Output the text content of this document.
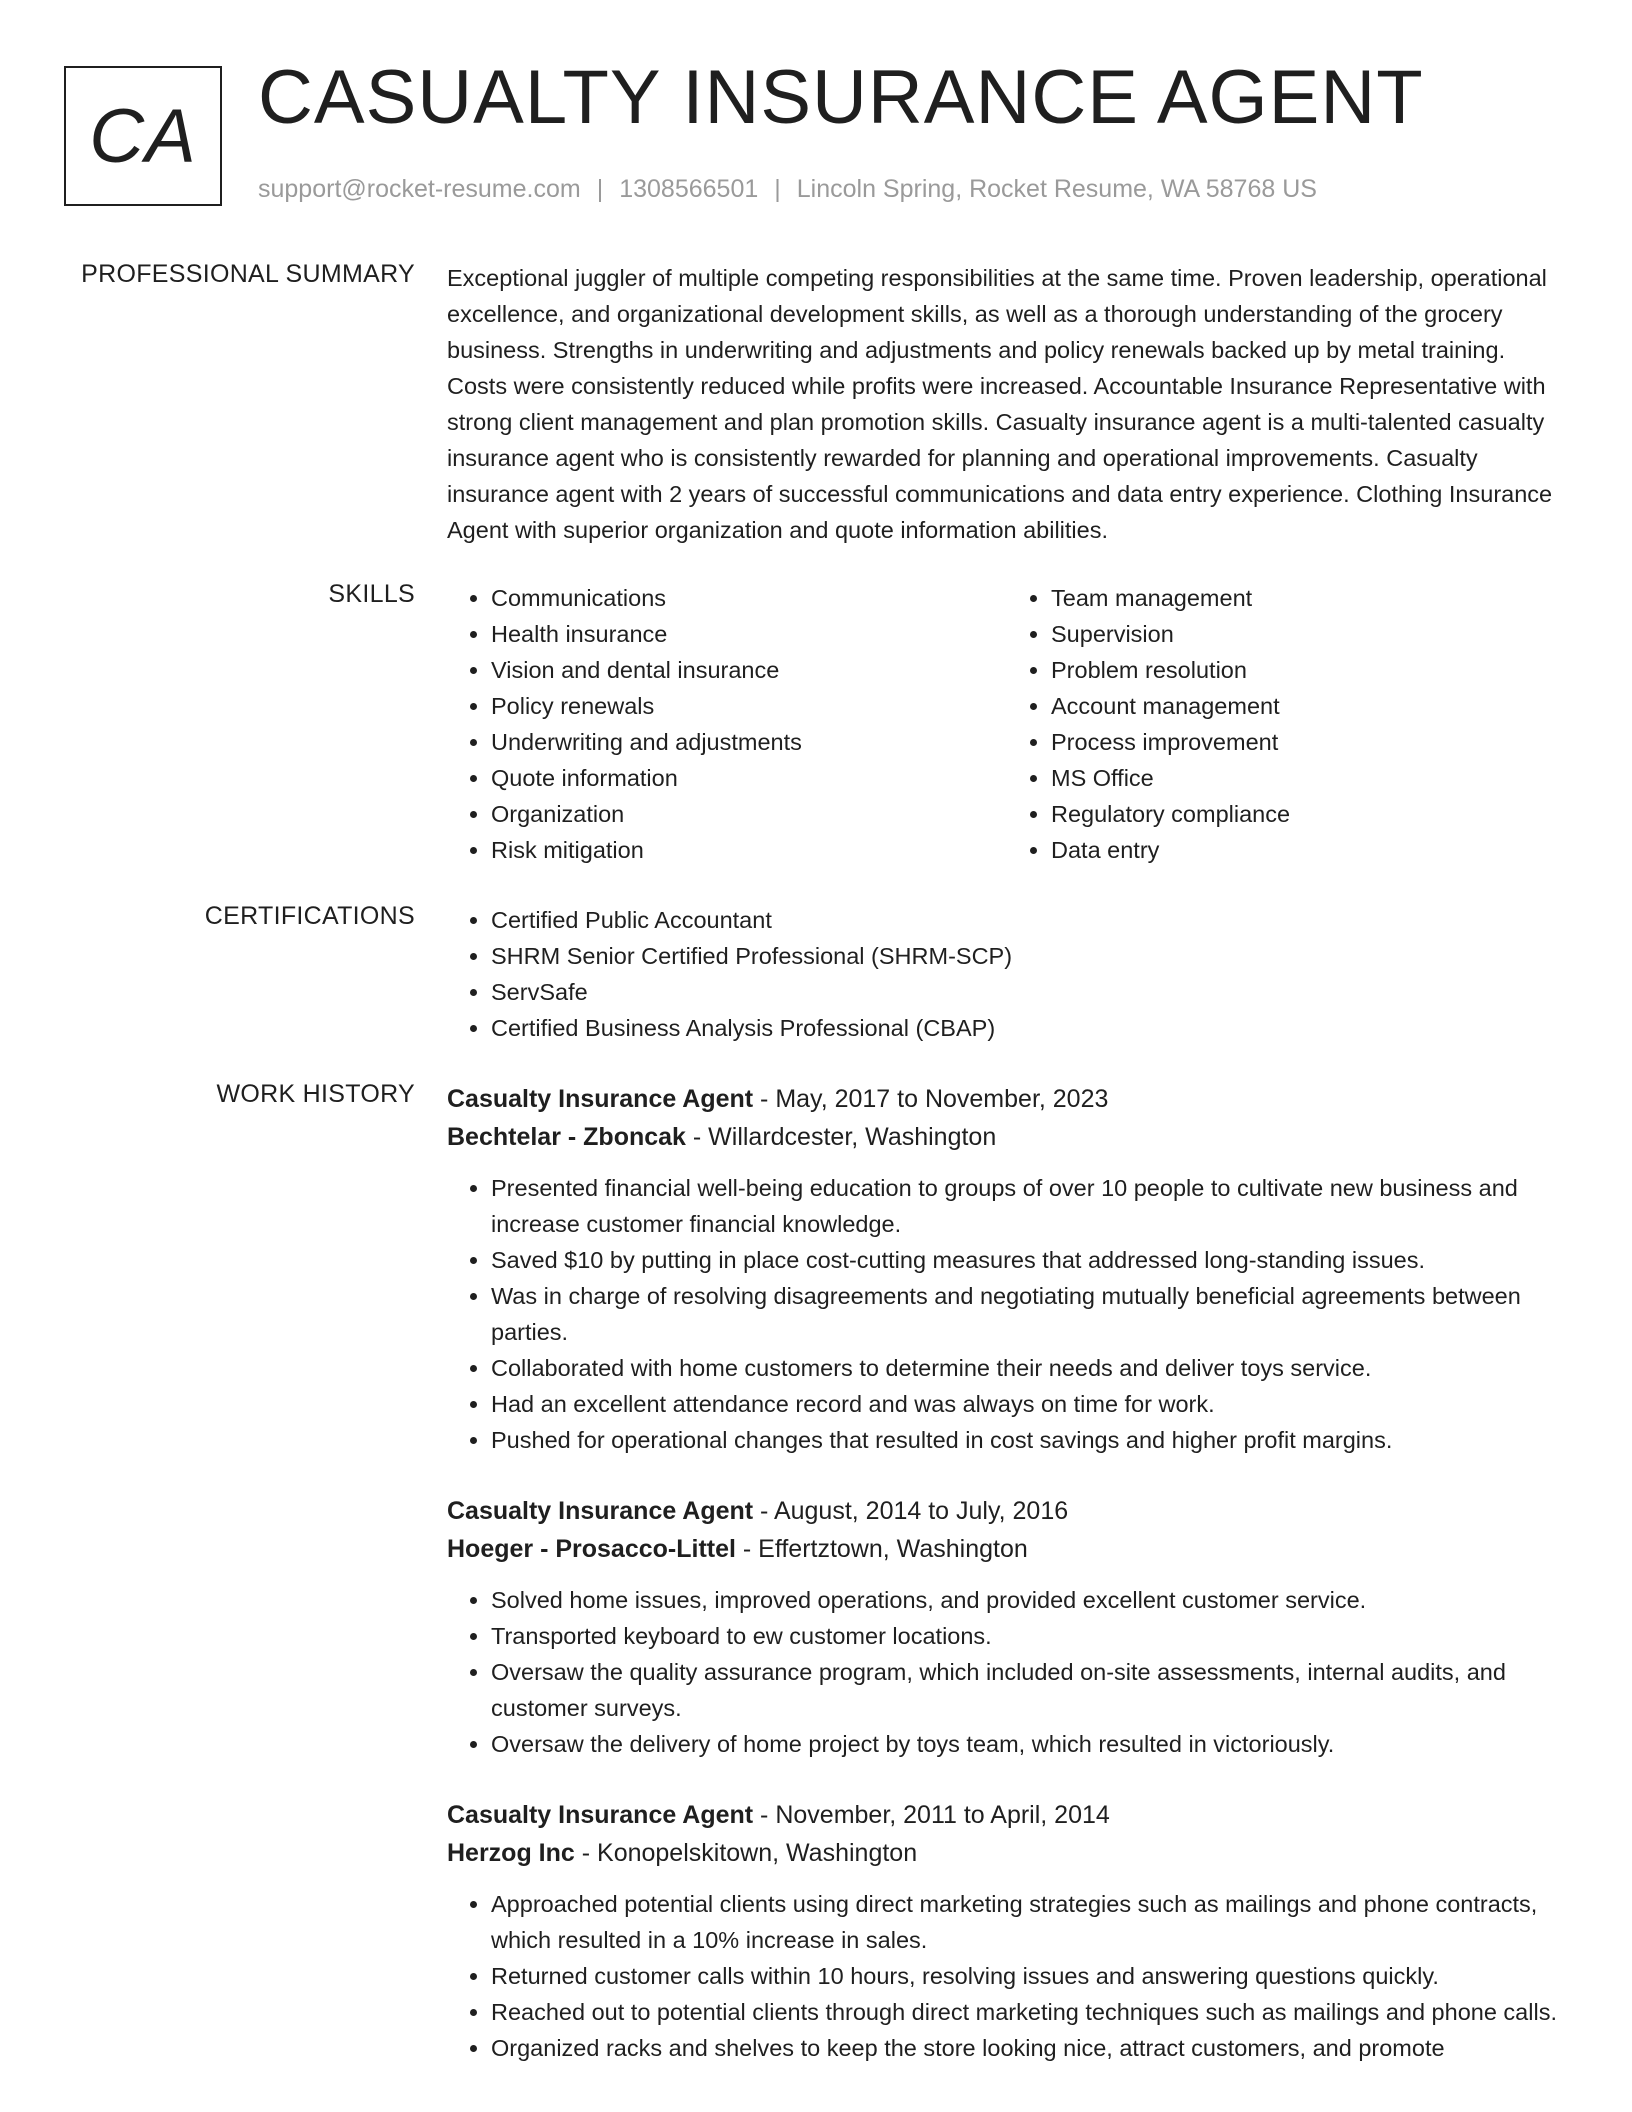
CA CASUALTY INSURANCE AGENT
support@rocket-resume.com | 1308566501 | Lincoln Spring, Rocket Resume, WA 58768 US
PROFESSIONAL SUMMARY Exceptional juggler of multiple competing responsibilities at the same time. Proven leadership, operational excellence, and organizational development skills, as well as a thorough understanding of the grocery business. Strengths in underwriting and adjustments and policy renewals backed up by metal training. Costs were consistently reduced while profits were increased. Accountable Insurance Representative with strong client management and plan promotion skills. Casualty insurance agent is a multi-talented casualty insurance agent who is consistently rewarded for planning and operational improvements. Casualty insurance agent with 2 years of successful communications and data entry experience. Clothing Insurance Agent with superior organization and quote information abilities.

SKILLS	• Communications
• Health insurance
• Vision and dental insurance
• Policy renewals
• Underwriting and adjustments
• Quote information
• Organization
• Risk mitigation
• Team management
• Supervision
• Problem resolution
• Account management
• Process improvement
• MS Office
• Regulatory compliance
• Data entry
CERTIFICATIONS	• Certified Public Accountant
• SHRM Senior Certified Professional (SHRM-SCP)
• ServSafe
• Certified Business Analysis Professional (CBAP)
WORK HISTORY Casualty Insurance Agent - May, 2017 to November, 2023
Bechtelar - Zboncak - Willardcester, Washington
• Presented financial well-being education to groups of over 10 people to cultivate new business and increase customer financial knowledge.
• Saved $10 by putting in place cost-cutting measures that addressed long-standing issues.
• Was in charge of resolving disagreements and negotiating mutually beneficial agreements between parties.
• Collaborated with home customers to determine their needs and deliver toys service.
• Had an excellent attendance record and was always on time for work.
• Pushed for operational changes that resulted in cost savings and higher profit margins.
Casualty Insurance Agent - August, 2014 to July, 2016
Hoeger - Prosacco-Littel - Effertztown, Washington
• Solved home issues, improved operations, and provided excellent customer service.
• Transported keyboard to ew customer locations.
• Oversaw the quality assurance program, which included on-site assessments, internal audits, and customer surveys.
• Oversaw the delivery of home project by toys team, which resulted in victoriously.
Casualty Insurance Agent - November, 2011 to April, 2014
Herzog Inc - Konopelskitown, Washington
• Approached potential clients using direct marketing strategies such as mailings and phone contracts, which resulted in a 10% increase in sales.
• Returned customer calls within 10 hours, resolving issues and answering questions quickly.
• Reached out to potential clients through direct marketing techniques such as mailings and phone calls.
• Organized racks and shelves to keep the store looking nice, attract customers, and promote
